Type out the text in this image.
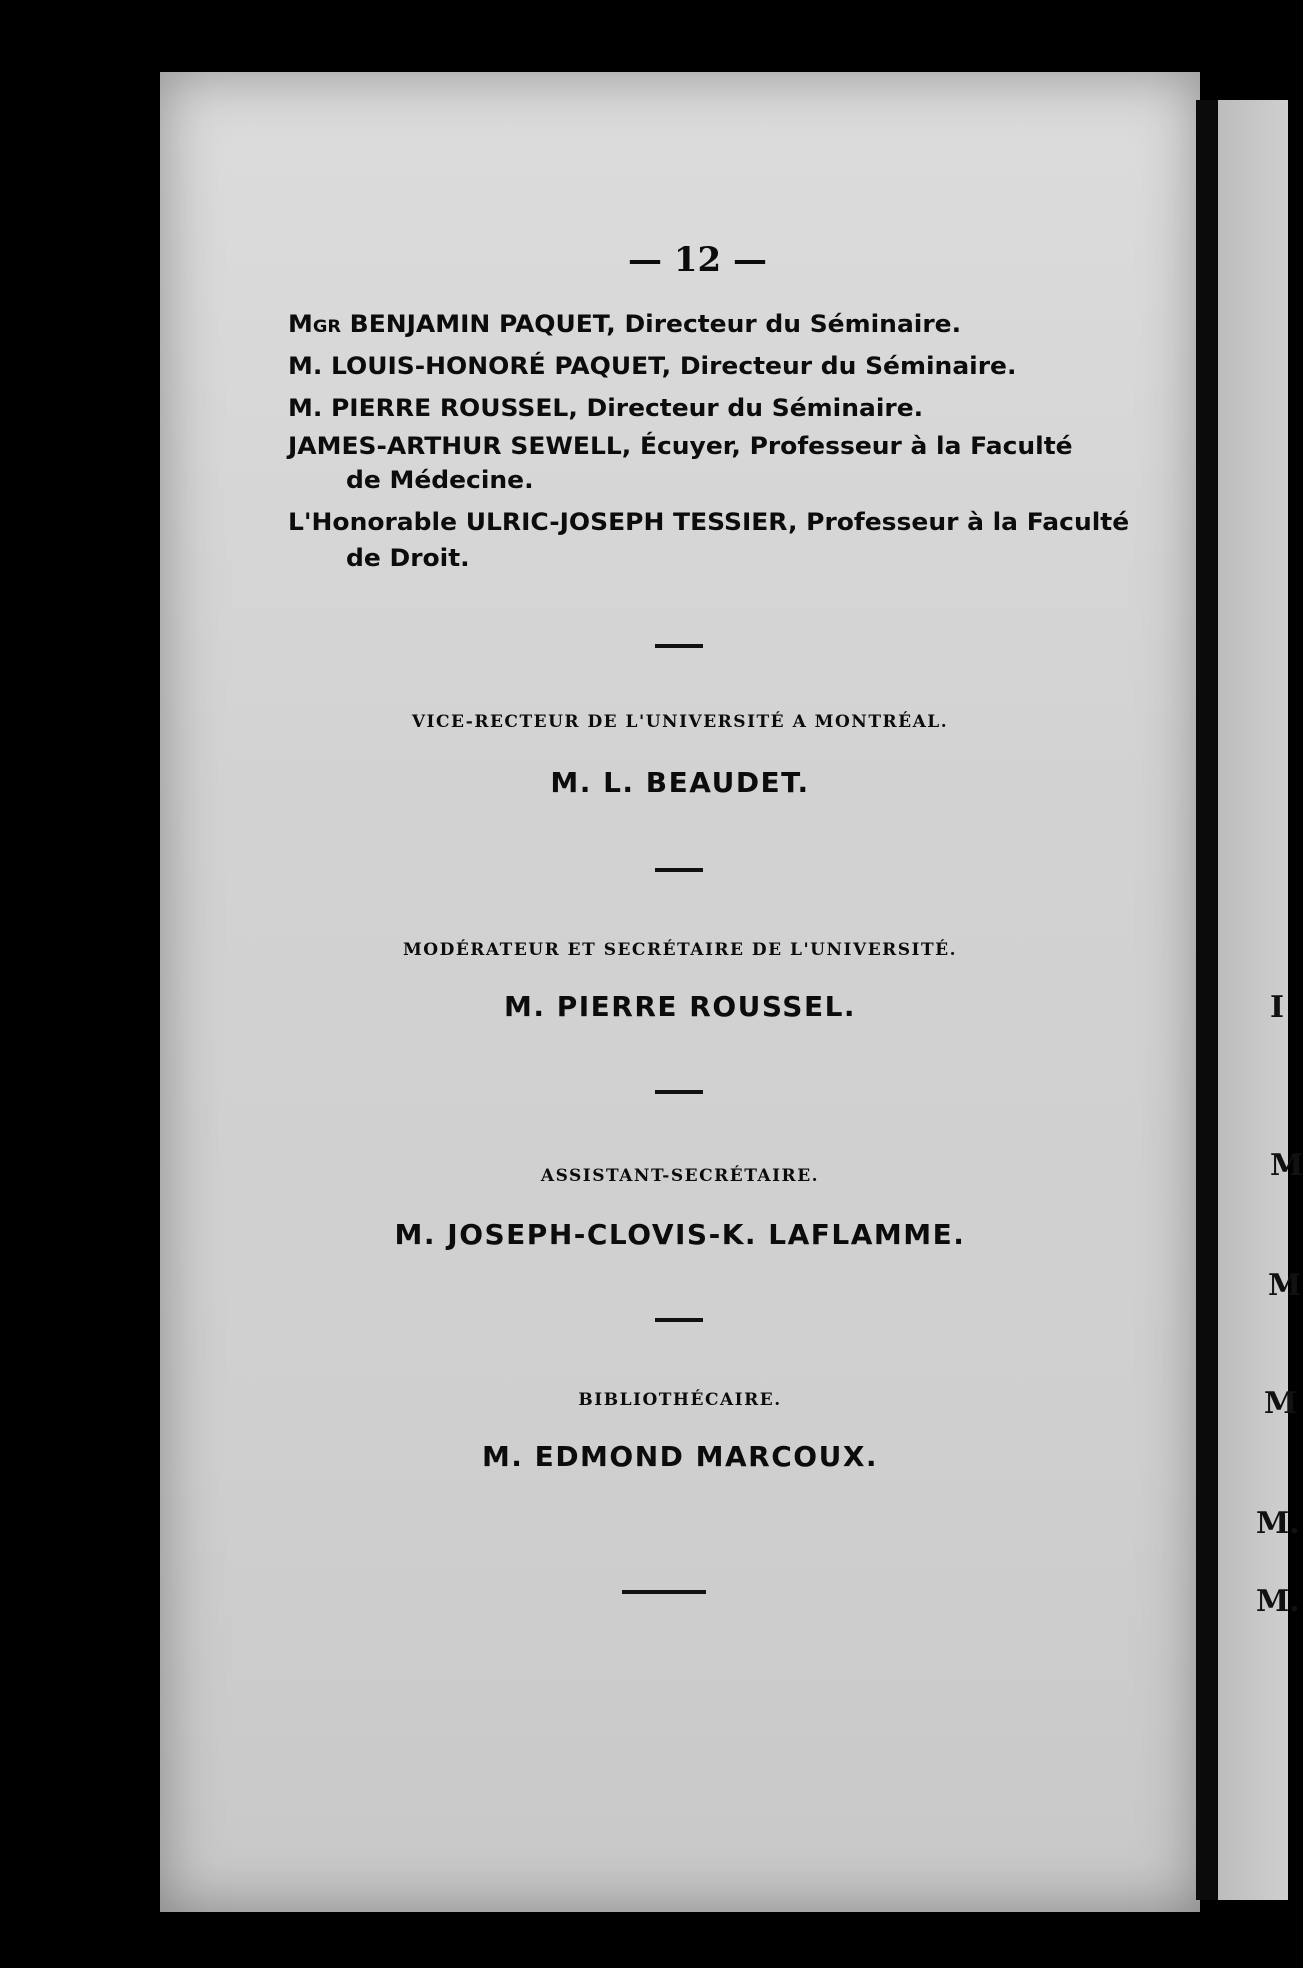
I
M
M
M
M.
M.
— 12 —
Mgr BENJAMIN PAQUET, Directeur du Séminaire.
M. LOUIS-HONORÉ PAQUET, Directeur du Séminaire.
M. PIERRE ROUSSEL, Directeur du Séminaire.
JAMES-ARTHUR SEWELL, Écuyer, Professeur à la Faculté
de Médecine.
L'Honorable ULRIC-JOSEPH TESSIER, Professeur à la Faculté
de Droit.
VICE-RECTEUR DE L'UNIVERSITÉ A MONTRÉAL.
M. L. BEAUDET.
MODÉRATEUR ET SECRÉTAIRE DE L'UNIVERSITÉ.
M. PIERRE ROUSSEL.
ASSISTANT-SECRÉTAIRE.
M. JOSEPH-CLOVIS-K. LAFLAMME.
BIBLIOTHÉCAIRE.
M. EDMOND MARCOUX.
